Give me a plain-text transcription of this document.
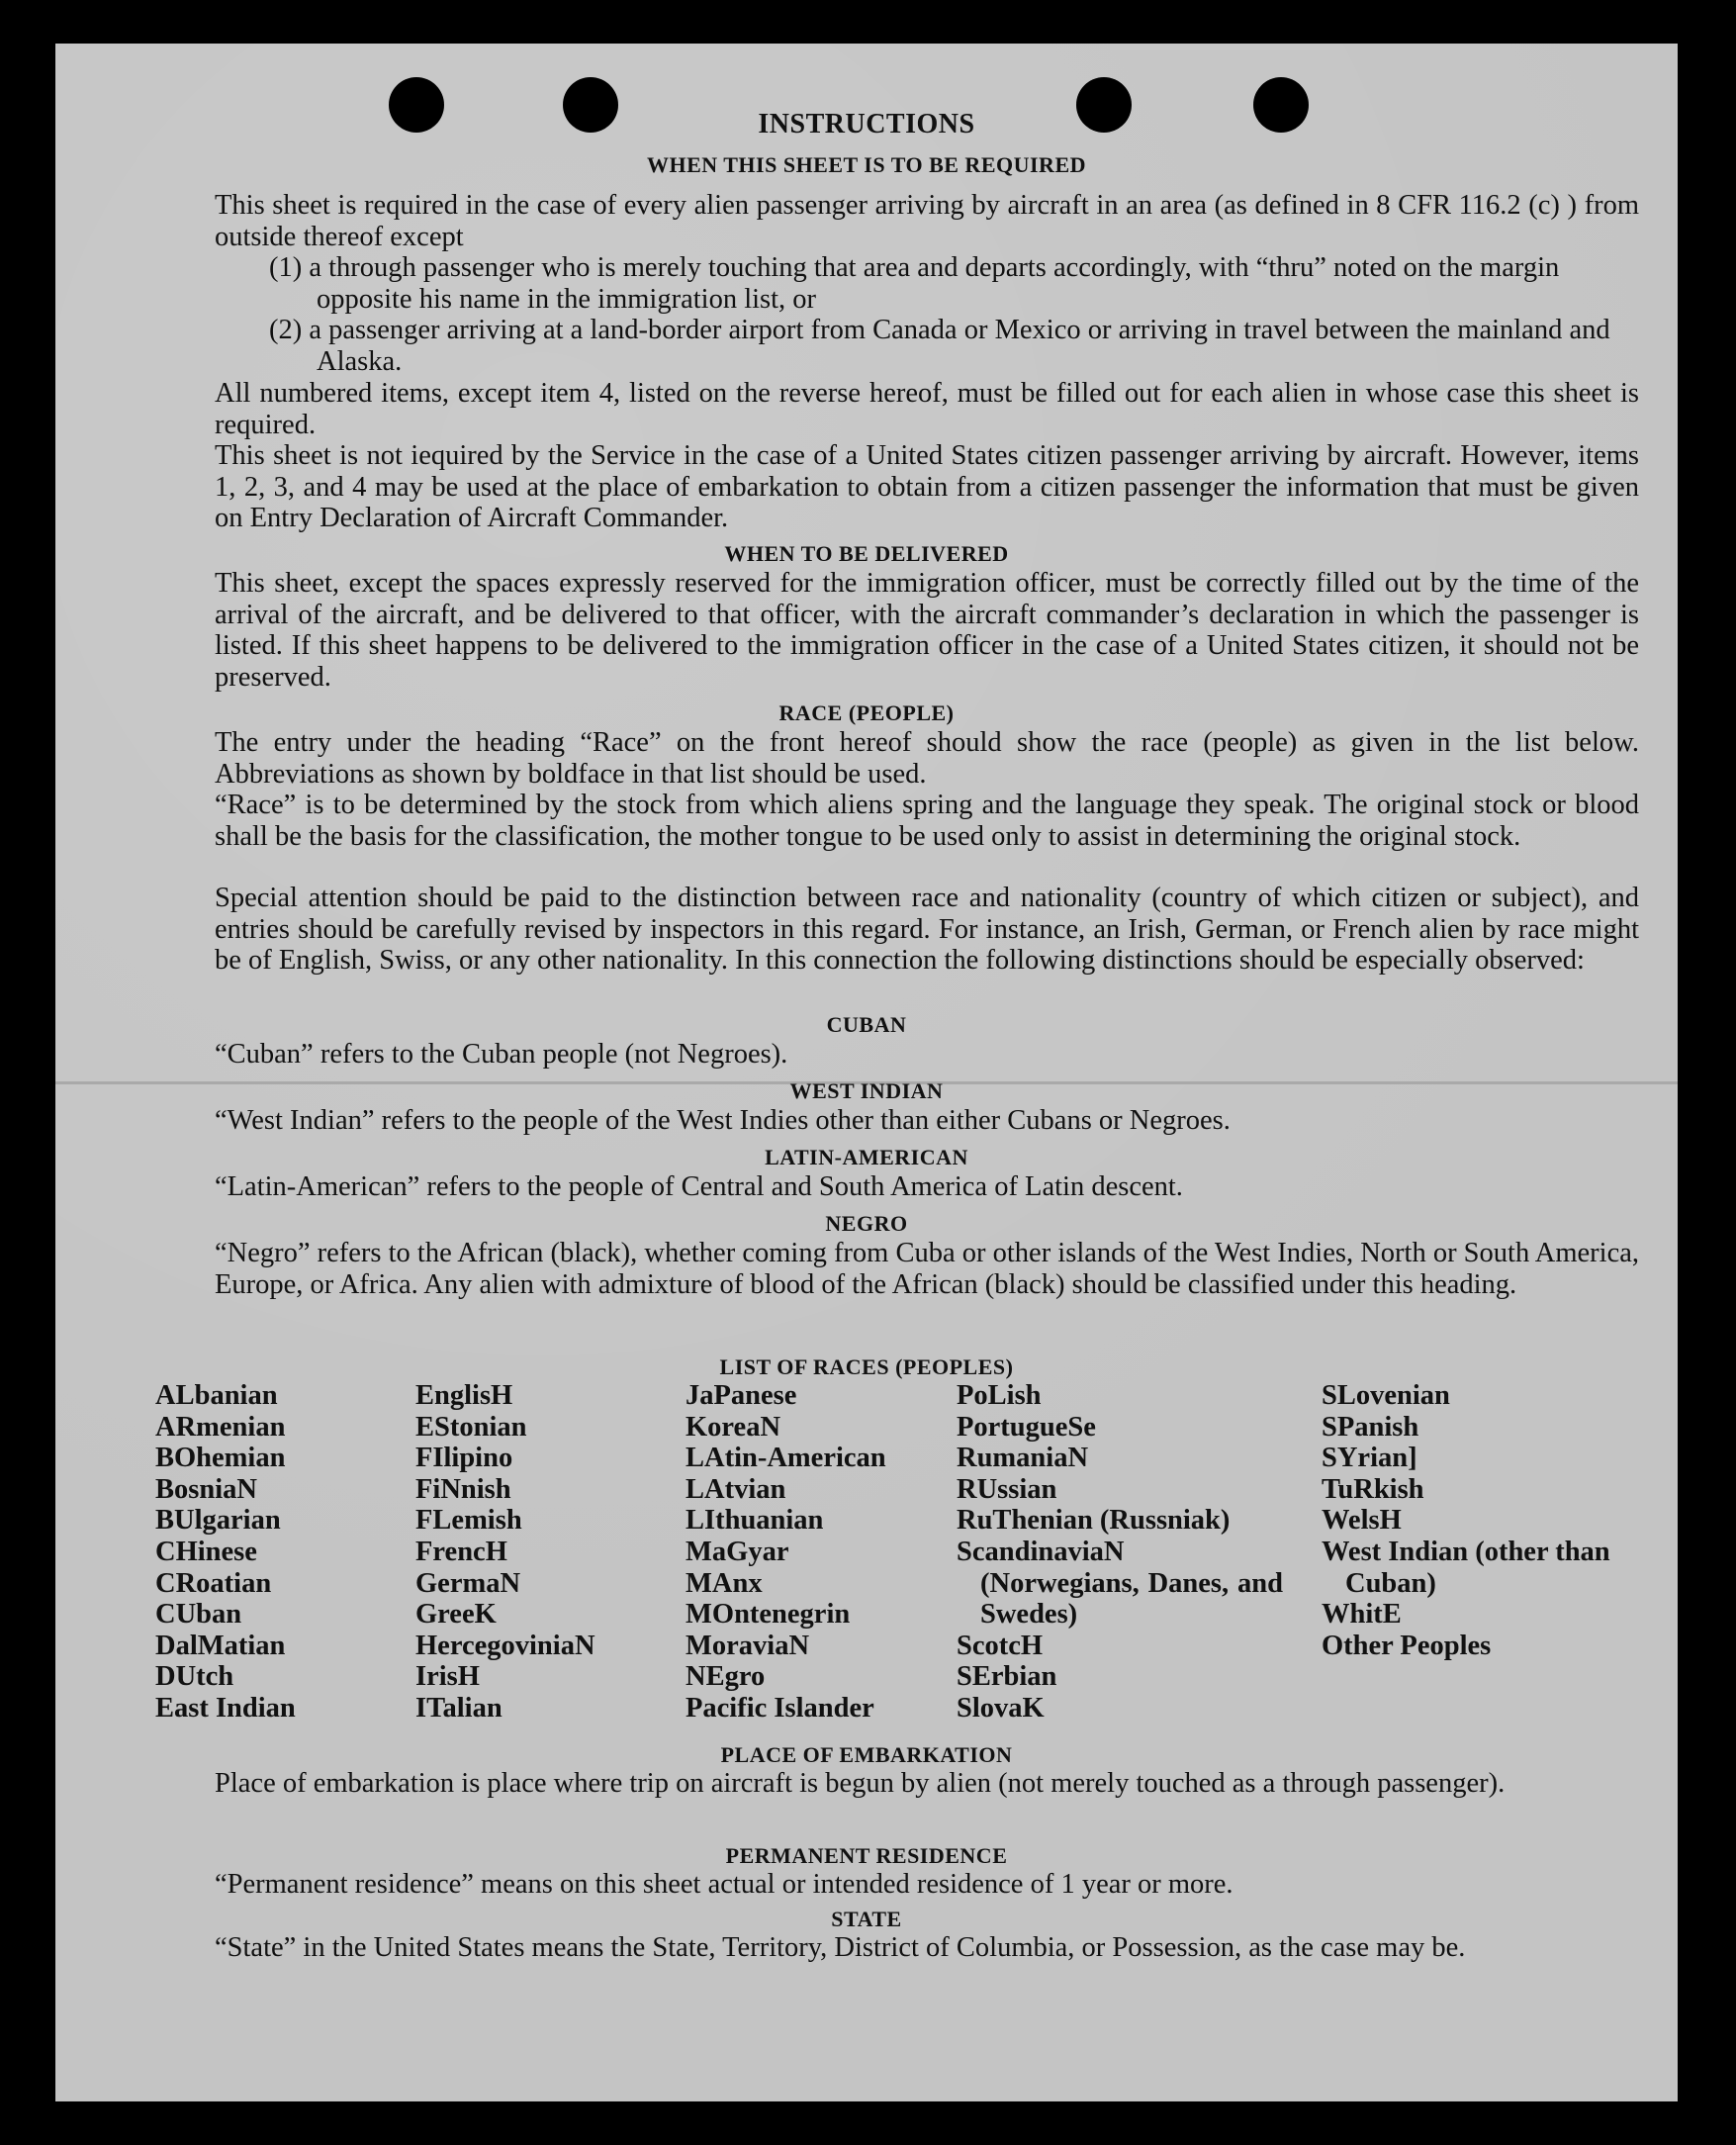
INSTRUCTIONS
WHEN THIS SHEET IS TO BE REQUIRED
This sheet is required in the case of every alien passenger arriving by aircraft in an area (as defined in 8 CFR 116.2 (c) ) from outside thereof except
(1) a through passenger who is merely touching that area and departs accordingly, with “thru” noted on the margin opposite his name in the immigration list, or
(2) a passenger arriving at a land-border airport from Canada or Mexico or arriving in travel between the mainland and Alaska.
All numbered items, except item 4, listed on the reverse hereof, must be filled out for each alien in whose case this sheet is required.
This sheet is not iequired by the Service in the case of a United States citizen passenger arriving by aircraft. However, items 1, 2, 3, and 4 may be used at the place of embarkation to obtain from a citizen passenger the information that must be given on Entry Declaration of Aircraft Commander.
WHEN TO BE DELIVERED
This sheet, except the spaces expressly reserved for the immigration officer, must be correctly filled out by the time of the arrival of the aircraft, and be delivered to that officer, with the aircraft commander’s declaration in which the passenger is listed. If this sheet happens to be delivered to the immigration officer in the case of a United States citizen, it should not be preserved.
RACE (PEOPLE)
The entry under the heading “Race” on the front hereof should show the race (people) as given in the list below. Abbreviations as shown by boldface in that list should be used.
“Race” is to be determined by the stock from which aliens spring and the language they speak. The original stock or blood shall be the basis for the classification, the mother tongue to be used only to assist in determining the original stock.
Special attention should be paid to the distinction between race and nationality (country of which citizen or subject), and entries should be carefully revised by inspectors in this regard. For instance, an Irish, German, or French alien by race might be of English, Swiss, or any other nationality. In this connection the following distinctions should be especially observed:
CUBAN
“Cuban” refers to the Cuban people (not Negroes).
WEST INDIAN
“West Indian” refers to the people of the West Indies other than either Cubans or Negroes.
LATIN-AMERICAN
“Latin-American” refers to the people of Central and South America of Latin descent.
NEGRO
“Negro” refers to the African (black), whether coming from Cuba or other islands of the West Indies, North or South America, Europe, or Africa. Any alien with admixture of blood of the African (black) should be classified under this heading.
LIST OF RACES (PEOPLES)
ALbanian
ARmenian
BOhemian
BosniaN
BUlgarian
CHinese
CRoatian
CUban
DalMatian
DUtch
East Indian
EnglisH
EStonian
FIlipino
FiNnish
FLemish
FrencH
GermaN
GreeK
HercegoviniaN
IrisH
ITalian
JaPanese
KoreaN
LAtin-American
LAtvian
LIthuanian
MaGyar
MAnx
MOntenegrin
MoraviaN
NEgro
Pacific Islander
PoLish
PortugueSe
RumaniaN
RUssian
RuThenian (Russniak)
ScandinaviaN (Norwegians, Danes, and Swedes)
ScotcH
SErbian
SlovaK
SLovenian
SPanish
SYrian]
TuRkish
WelsH
West Indian (other than Cuban)
WhitE
Other Peoples
PLACE OF EMBARKATION
Place of embarkation is place where trip on aircraft is begun by alien (not merely touched as a through passenger).
PERMANENT RESIDENCE
“Permanent residence” means on this sheet actual or intended residence of 1 year or more.
STATE
“State” in the United States means the State, Territory, District of Columbia, or Possession, as the case may be.
